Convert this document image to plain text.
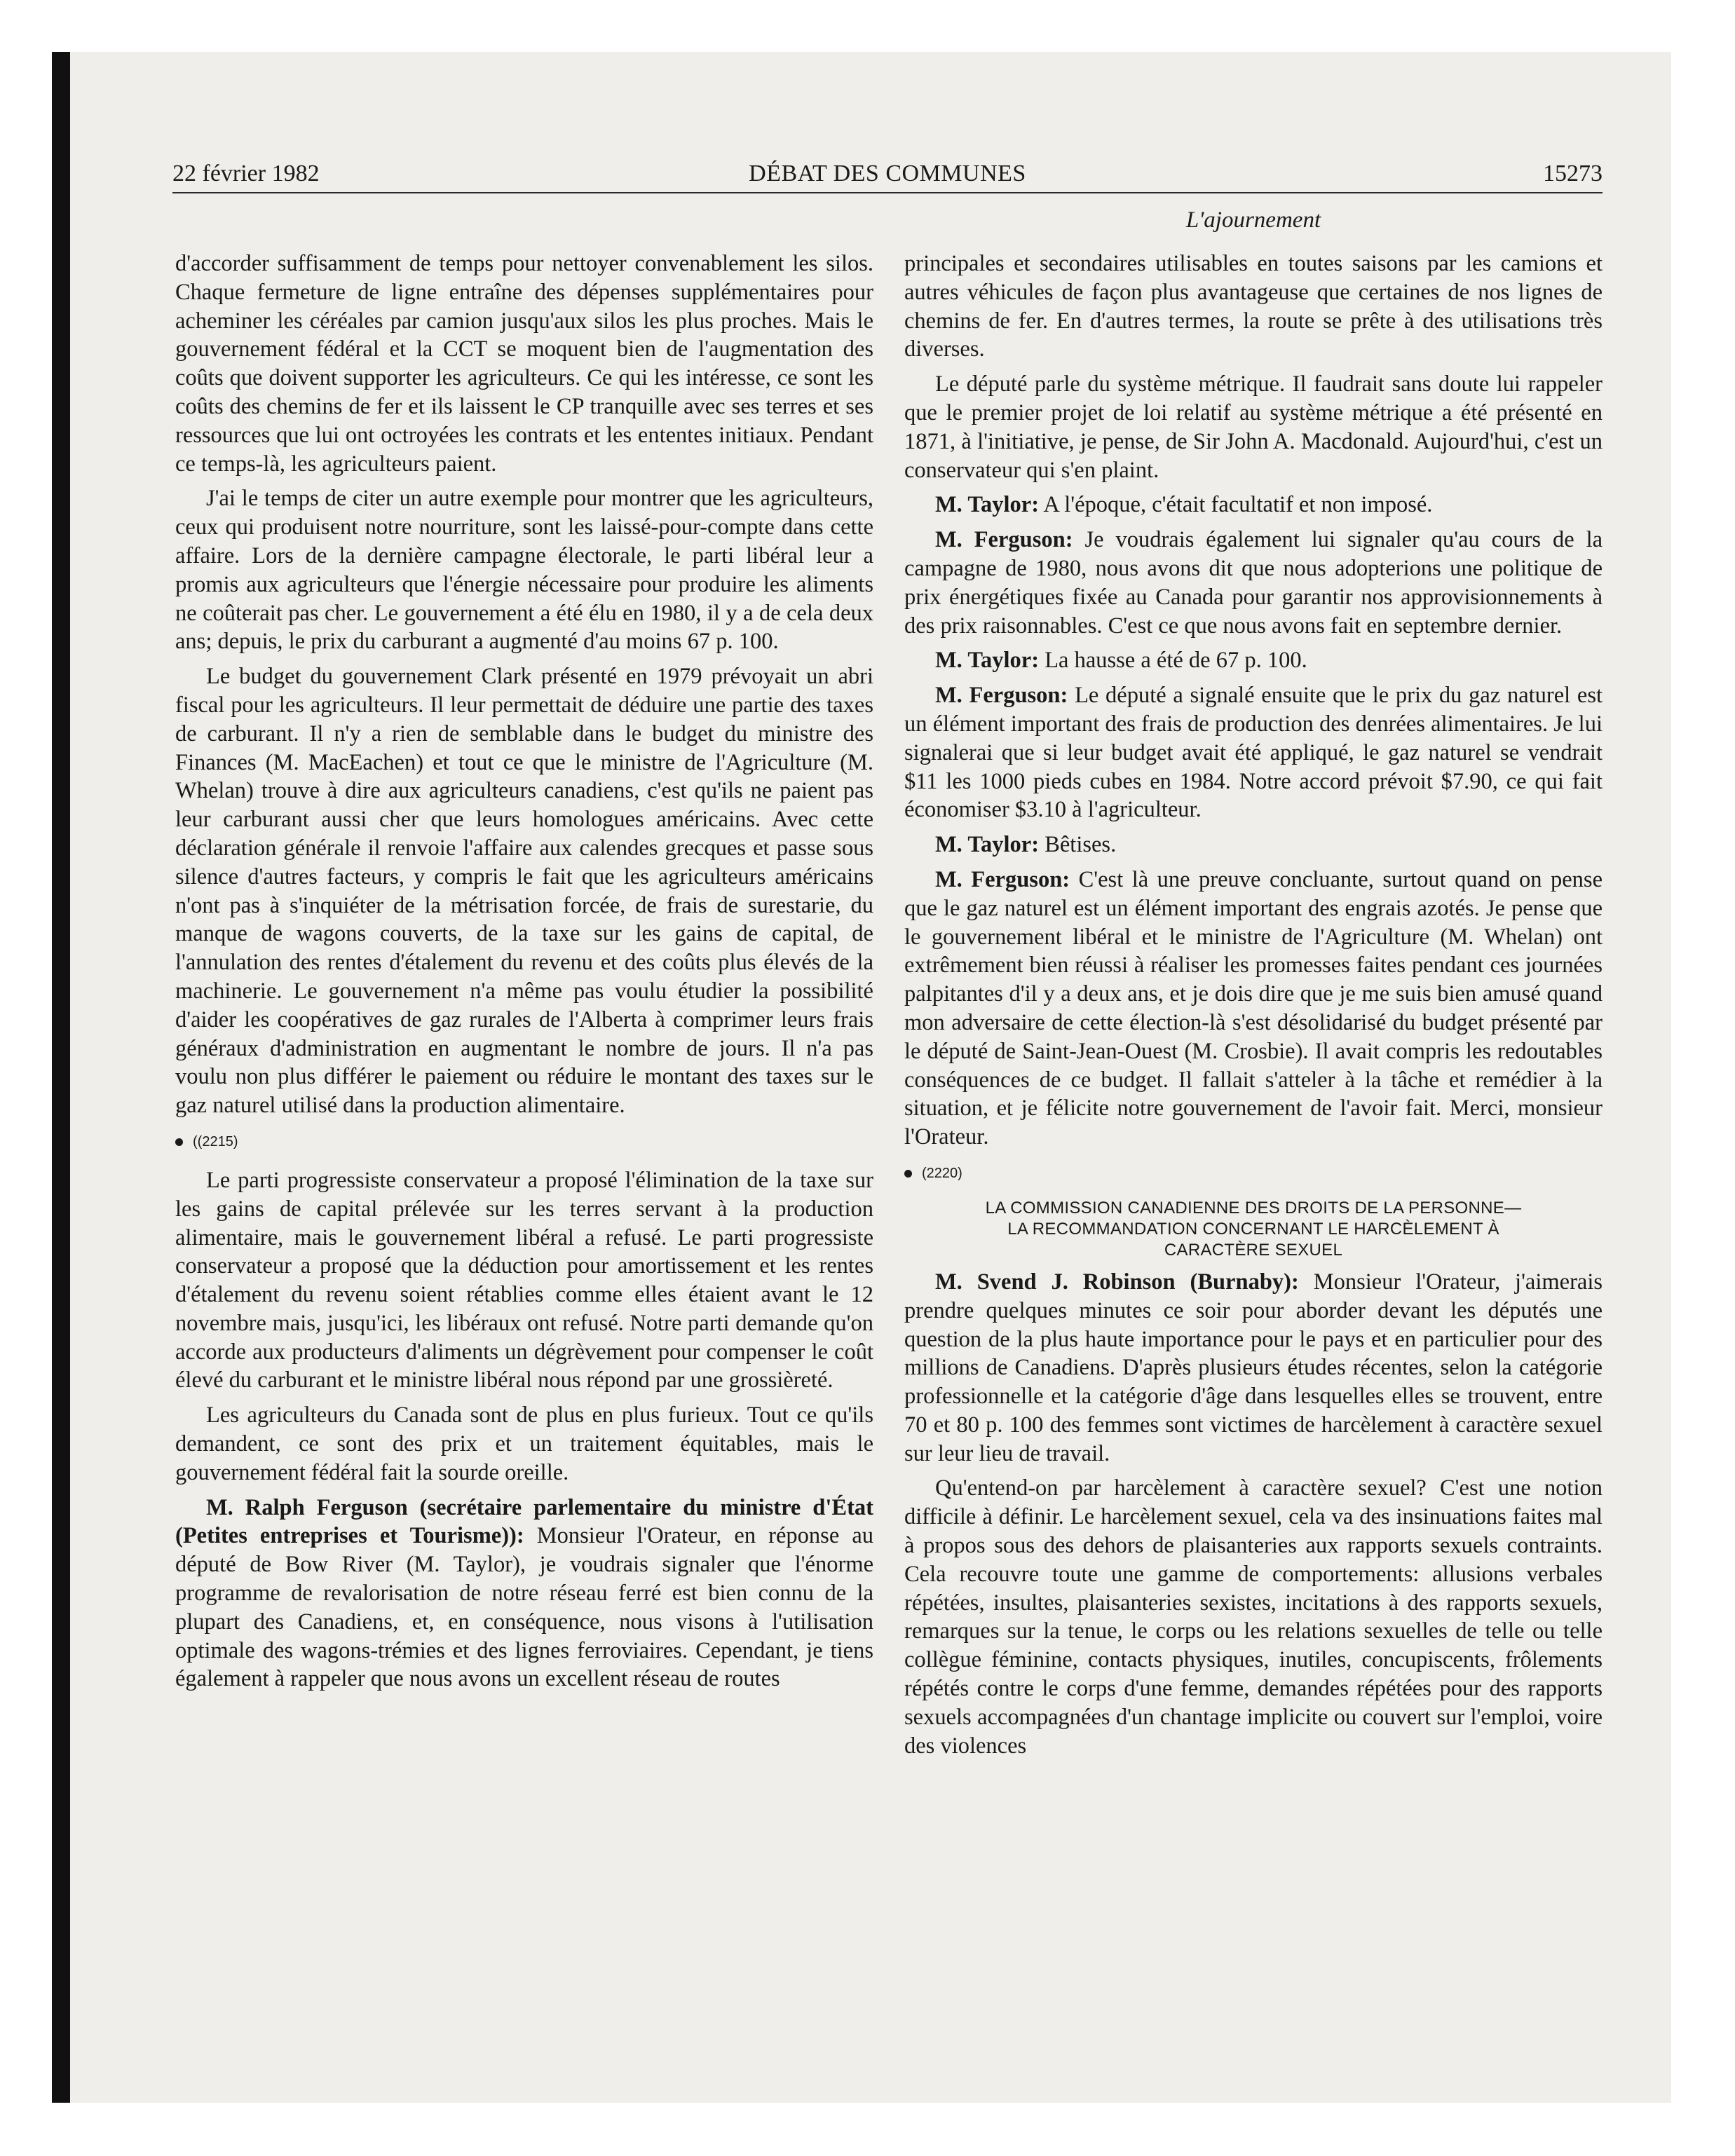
22 février 1982	DÉBAT DES COMMUNES	15273
L'ajournement

d'accorder suffisamment de temps pour nettoyer convenablement les silos. Chaque fermeture de ligne entraîne des dépenses supplémentaires pour acheminer les céréales par camion jusqu'aux silos les plus proches. Mais le gouvernement fédéral et la CCT se moquent bien de l'augmentation des coûts que doivent supporter les agriculteurs. Ce qui les intéresse, ce sont les coûts des chemins de fer et ils laissent le CP tranquille avec ses terres et ses ressources que lui ont octroyées les contrats et les ententes initiaux. Pendant ce temps-là, les agriculteurs paient.

J'ai le temps de citer un autre exemple pour montrer que les agriculteurs, ceux qui produisent notre nourriture, sont les laissé-pour-compte dans cette affaire. Lors de la dernière campagne électorale, le parti libéral leur a promis aux agriculteurs que l'énergie nécessaire pour produire les aliments ne coûterait pas cher. Le gouvernement a été élu en 1980, il y a de cela deux ans; depuis, le prix du carburant a augmenté d'au moins 67 p. 100.

Le budget du gouvernement Clark présenté en 1979 prévoyait un abri fiscal pour les agriculteurs. Il leur permettait de déduire une partie des taxes de carburant. Il n'y a rien de semblable dans le budget du ministre des Finances (M. MacEachen) et tout ce que le ministre de l'Agriculture (M. Whelan) trouve à dire aux agriculteurs canadiens, c'est qu'ils ne paient pas leur carburant aussi cher que leurs homologues américains. Avec cette déclaration générale il renvoie l'affaire aux calendes grecques et passe sous silence d'autres facteurs, y compris le fait que les agriculteurs américains n'ont pas à s'inquiéter de la métrisation forcée, de frais de surestarie, du manque de wagons couverts, de la taxe sur les gains de capital, de l'annulation des rentes d'étalement du revenu et des coûts plus élevés de la machinerie. Le gouvernement n'a même pas voulu étudier la possibilité d'aider les coopératives de gaz rurales de l'Alberta à comprimer leurs frais généraux d'administration en augmentant le nombre de jours. Il n'a pas voulu non plus différer le paiement ou réduire le montant des taxes sur le gaz naturel utilisé dans la production alimentaire.

((2215)

Le parti progressiste conservateur a proposé l'élimination de la taxe sur les gains de capital prélevée sur les terres servant à la production alimentaire, mais le gouvernement libéral a refusé. Le parti progressiste conservateur a proposé que la déduction pour amortissement et les rentes d'étalement du revenu soient rétablies comme elles étaient avant le 12 novembre mais, jusqu'ici, les libéraux ont refusé. Notre parti demande qu'on accorde aux producteurs d'aliments un dégrèvement pour compenser le coût élevé du carburant et le ministre libéral nous répond par une grossièreté.

Les agriculteurs du Canada sont de plus en plus furieux. Tout ce qu'ils demandent, ce sont des prix et un traitement équitables, mais le gouvernement fédéral fait la sourde oreille.

M. Ralph Ferguson (secrétaire parlementaire du ministre d'État (Petites entreprises et Tourisme)): Monsieur l'Orateur, en réponse au député de Bow River (M. Taylor), je voudrais signaler que l'énorme programme de revalorisation de notre réseau ferré est bien connu de la plupart des Canadiens, et, en conséquence, nous visons à l'utilisation optimale des wagons-trémies et des lignes ferroviaires. Cependant, je tiens également à rappeler que nous avons un excellent réseau de routes

principales et secondaires utilisables en toutes saisons par les camions et autres véhicules de façon plus avantageuse que certaines de nos lignes de chemins de fer. En d'autres termes, la route se prête à des utilisations très diverses.

Le député parle du système métrique. Il faudrait sans doute lui rappeler que le premier projet de loi relatif au système métrique a été présenté en 1871, à l'initiative, je pense, de Sir John A. Macdonald. Aujourd'hui, c'est un conservateur qui s'en plaint.

M. Taylor: A l'époque, c'était facultatif et non imposé.

M. Ferguson: Je voudrais également lui signaler qu'au cours de la campagne de 1980, nous avons dit que nous adopterions une politique de prix énergétiques fixée au Canada pour garantir nos approvisionnements à des prix raisonnables. C'est ce que nous avons fait en septembre dernier.

M. Taylor: La hausse a été de 67 p. 100.

M. Ferguson: Le député a signalé ensuite que le prix du gaz naturel est un élément important des frais de production des denrées alimentaires. Je lui signalerai que si leur budget avait été appliqué, le gaz naturel se vendrait $11 les 1000 pieds cubes en 1984. Notre accord prévoit $7.90, ce qui fait économiser $3.10 à l'agriculteur.

M. Taylor: Bêtises.

M. Ferguson: C'est là une preuve concluante, surtout quand on pense que le gaz naturel est un élément important des engrais azotés. Je pense que le gouvernement libéral et le ministre de l'Agriculture (M. Whelan) ont extrêmement bien réussi à réaliser les promesses faites pendant ces journées palpitantes d'il y a deux ans, et je dois dire que je me suis bien amusé quand mon adversaire de cette élection-là s'est désolidarisé du budget présenté par le député de Saint-Jean-Ouest (M. Crosbie). Il avait compris les redoutables conséquences de ce budget. Il fallait s'atteler à la tâche et remédier à la situation, et je félicite notre gouvernement de l'avoir fait. Merci, monsieur l'Orateur.

(2220)
LA COMMISSION CANADIENNE DES DROITS DE LA PERSONNE—
LA RECOMMANDATION CONCERNANT LE HARCÈLEMENT À
CARACTÈRE SEXUEL

M. Svend J. Robinson (Burnaby): Monsieur l'Orateur, j'aimerais prendre quelques minutes ce soir pour aborder devant les députés une question de la plus haute importance pour le pays et en particulier pour des millions de Canadiens. D'après plusieurs études récentes, selon la catégorie professionnelle et la catégorie d'âge dans lesquelles elles se trouvent, entre 70 et 80 p. 100 des femmes sont victimes de harcèlement à caractère sexuel sur leur lieu de travail.

Qu'entend-on par harcèlement à caractère sexuel? C'est une notion difficile à définir. Le harcèlement sexuel, cela va des insinuations faites mal à propos sous des dehors de plaisanteries aux rapports sexuels contraints. Cela recouvre toute une gamme de comportements: allusions verbales répétées, insultes, plaisanteries sexistes, incitations à des rapports sexuels, remarques sur la tenue, le corps ou les relations sexuelles de telle ou telle collègue féminine, contacts physiques, inutiles, concupiscents, frôlements répétés contre le corps d'une femme, demandes répétées pour des rapports sexuels accompagnées d'un chantage implicite ou couvert sur l'emploi, voire des violences
